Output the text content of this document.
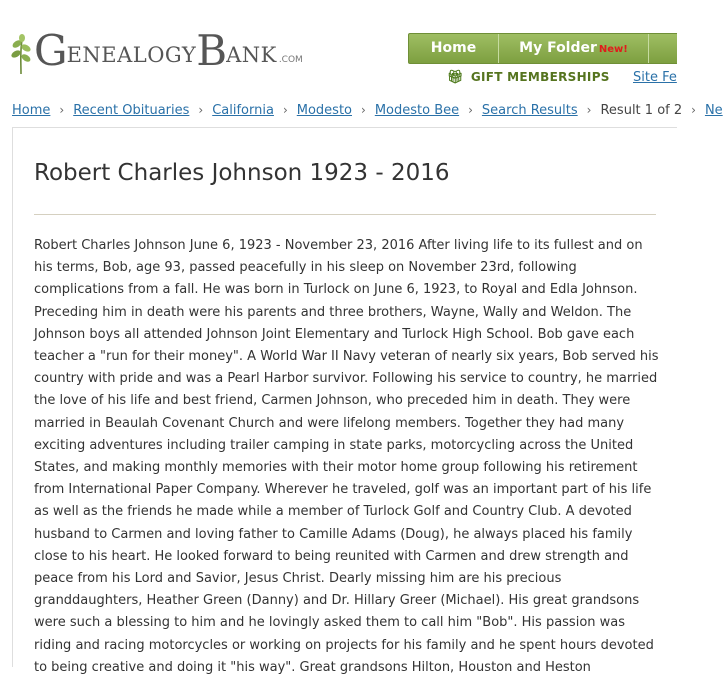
GENEALOGYBANK .COM
Home	My Folder New!
🎁︎ GIFT MEMBERSHIPS Site Fe
Home › Recent Obituaries › California › Modesto › Modesto Bee › Search Results › Result 1 of 2 › Ne
Robert Charles Johnson 1923 - 2016

Robert Charles Johnson June 6, 1923 - November 23, 2016 After living life to its fullest and on his terms, Bob, age 93, passed peacefully in his sleep on November 23rd, following complications from a fall. He was born in Turlock on June 6, 1923, to Royal and Edla Johnson. Preceding him in death were his parents and three brothers, Wayne, Wally and Weldon. The Johnson boys all attended Johnson Joint Elementary and Turlock High School. Bob gave each teacher a "run for their money". A World War II Navy veteran of nearly six years, Bob served his country with pride and was a Pearl Harbor survivor. Following his service to country, he married the love of his life and best friend, Carmen Johnson, who preceded him in death. They were married in Beaulah Covenant Church and were lifelong members. Together they had many exciting adventures including trailer camping in state parks, motorcycling across the United States, and making monthly memories with their motor home group following his retirement from International Paper Company. Wherever he traveled, golf was an important part of his life as well as the friends he made while a member of Turlock Golf and Country Club. A devoted husband to Carmen and loving father to Camille Adams (Doug), he always placed his family close to his heart. He looked forward to being reunited with Carmen and drew strength and peace from his Lord and Savior, Jesus Christ. Dearly missing him are his precious granddaughters, Heather Green (Danny) and Dr. Hillary Greer (Michael). His great grandsons were such a blessing to him and he lovingly asked them to call him "Bob". His passion was riding and racing motorcycles or working on projects for his family and he spent hours devoted to being creative and doing it "his way". Great grandsons Hilton, Houston and Heston
